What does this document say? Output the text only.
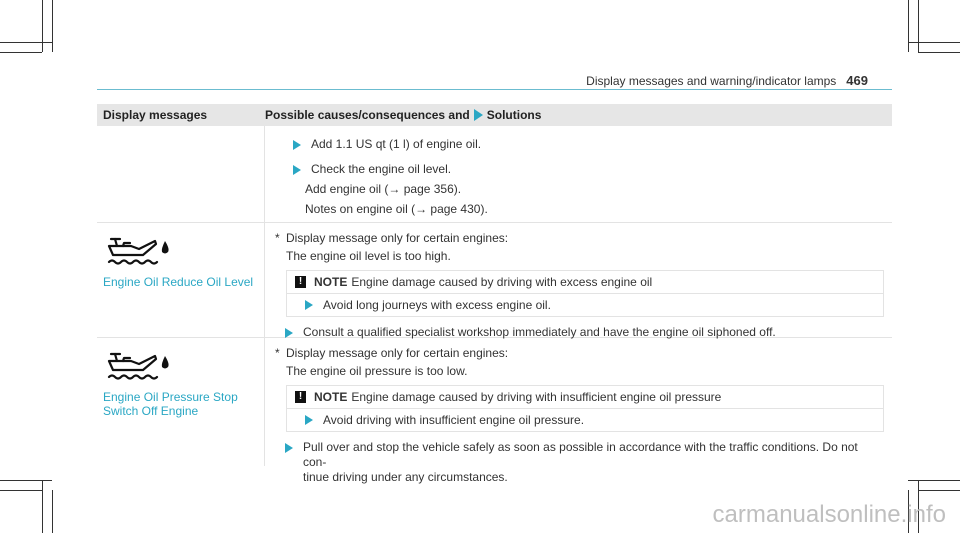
Display messages and warning/indicator lamps 469
Display messages	Possible causes/consequences and Solutions
Add 1.1 US qt (1 l) of engine oil.
Check the engine oil level.
Add engine oil (→ page 356).
Notes on engine oil (→ page 430).
Engine Oil Reduce Oil Level
* Display message only for certain engines:
The engine oil level is too high.
! NOTE Engine damage caused by driving with excess engine oil
Avoid long journeys with excess engine oil.
Consult a qualified specialist workshop immediately and have the engine oil siphoned off.
Engine Oil Pressure Stop
Switch Off Engine
* Display message only for certain engines:
The engine oil pressure is too low.
! NOTE Engine damage caused by driving with insufficient engine oil pressure
Avoid driving with insufficient engine oil pressure.
Pull over and stop the vehicle safely as soon as possible in accordance with the traffic conditions. Do not con-
tinue driving under any circumstances.
carmanualsonline.info
